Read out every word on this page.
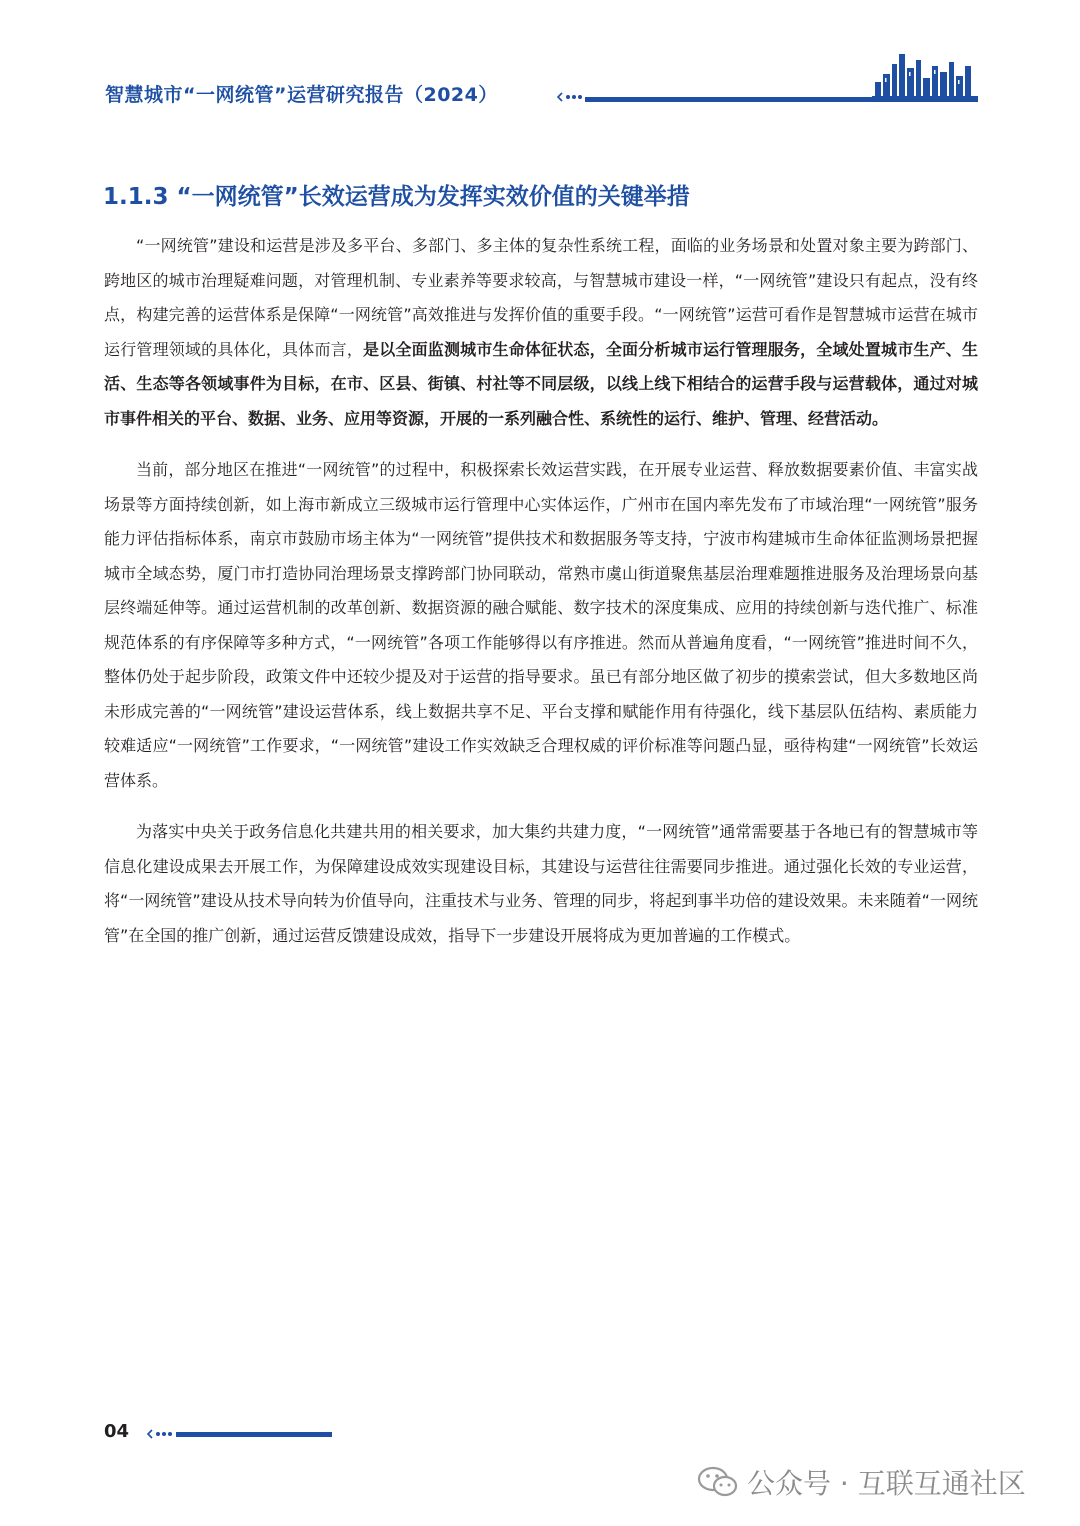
智慧城市“一网统管”运营研究报告（2024）
1.1.3 “一网统管”长效运营成为发挥实效价值的关键举措

“一网统管”建设和运营是涉及多平台、多部门、多主体的复杂性系统工程，面临的业务场景和处置对象主要为跨部门、跨地区的城市治理疑难问题，对管理机制、专业素养等要求较高，与智慧城市建设一样，“一网统管”建设只有起点，没有终点，构建完善的运营体系是保障“一网统管”高效推进与发挥价值的重要手段。“一网统管”运营可看作是智慧城市运营在城市运行管理领域的具体化，具体而言，是以全面监测城市生命体征状态，全面分析城市运行管理服务，全域处置城市生产、生活、生态等各领域事件为目标，在市、区县、街镇、村社等不同层级，以线上线下相结合的运营手段与运营载体，通过对城市事件相关的平台、数据、业务、应用等资源，开展的一系列融合性、系统性的运行、维护、管理、经营活动。

当前，部分地区在推进“一网统管”的过程中，积极探索长效运营实践，在开展专业运营、释放数据要素价值、丰富实战场景等方面持续创新，如上海市新成立三级城市运行管理中心实体运作，广州市在国内率先发布了市域治理“一网统管”服务能力评估指标体系，南京市鼓励市场主体为“一网统管”提供技术和数据服务等支持，宁波市构建城市生命体征监测场景把握城市全域态势，厦门市打造协同治理场景支撑跨部门协同联动，常熟市虞山街道聚焦基层治理难题推进服务及治理场景向基层终端延伸等。通过运营机制的改革创新、数据资源的融合赋能、数字技术的深度集成、应用的持续创新与迭代推广、标准规范体系的有序保障等多种方式，“一网统管”各项工作能够得以有序推进。然而从普遍角度看，“一网统管”推进时间不久，整体仍处于起步阶段，政策文件中还较少提及对于运营的指导要求。虽已有部分地区做了初步的摸索尝试，但大多数地区尚未形成完善的“一网统管”建设运营体系，线上数据共享不足、平台支撑和赋能作用有待强化，线下基层队伍结构、素质能力较难适应“一网统管”工作要求，“一网统管”建设工作实效缺乏合理权威的评价标准等问题凸显，亟待构建“一网统管”长效运营体系。

为落实中央关于政务信息化共建共用的相关要求，加大集约共建力度，“一网统管”通常需要基于各地已有的智慧城市等信息化建设成果去开展工作，为保障建设成效实现建设目标，其建设与运营往往需要同步推进。通过强化长效的专业运营，将“一网统管”建设从技术导向转为价值导向，注重技术与业务、管理的同步，将起到事半功倍的建设效果。未来随着“一网统管”在全国的推广创新，通过运营反馈建设成效，指导下一步建设开展将成为更加普遍的工作模式。

04
公众号 · 互联互通社区
